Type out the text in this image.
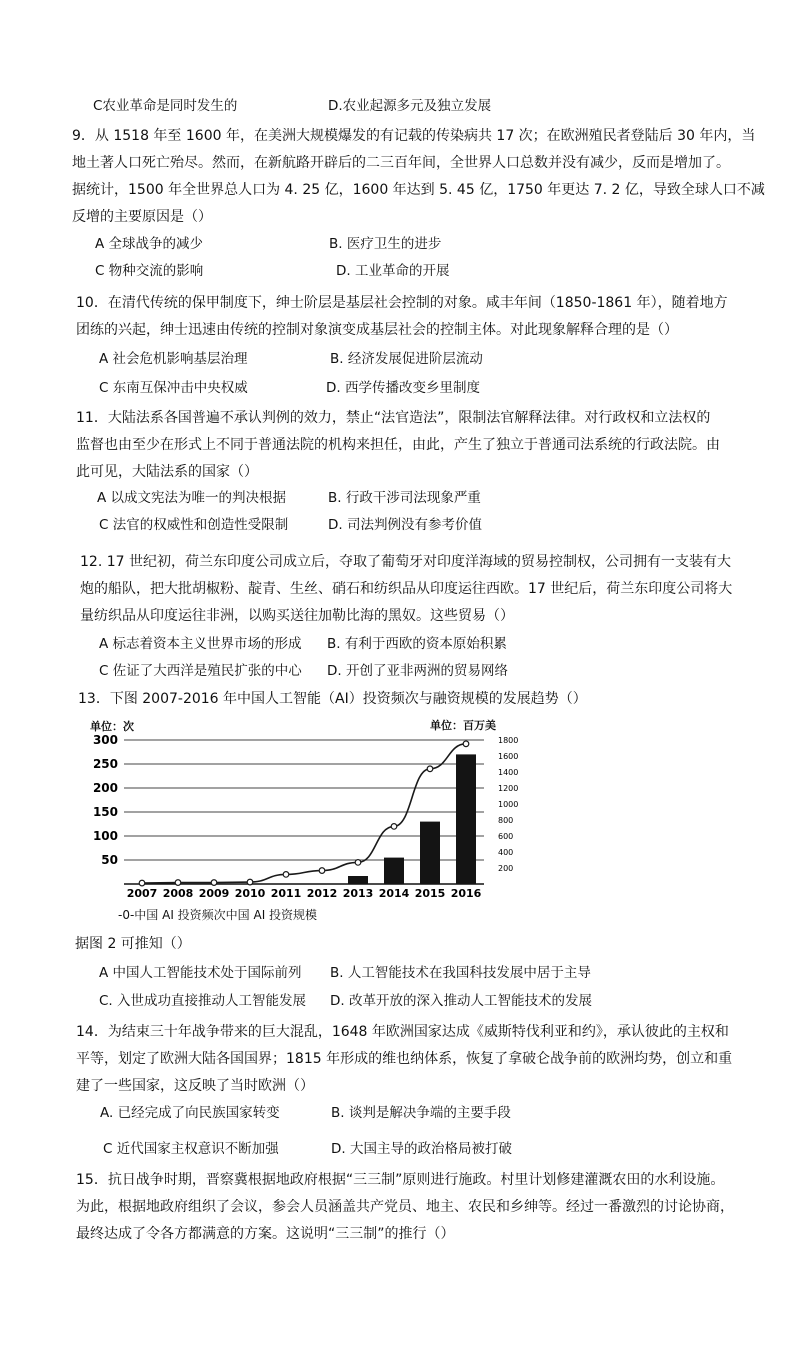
C农业革命是同时发生的	D.农业起源多元及独立发展
9．从 1518 年至 1600 年，在美洲大规模爆发的有记载的传染病共 17 次；在欧洲殖民者登陆后 30 年内，当
地土著人口死亡殆尽。然而，在新航路开辟后的二三百年间，全世界人口总数并没有减少，反而是增加了。
据统计，1500 年全世界总人口为 4. 25 亿，1600 年达到 5. 45 亿，1750 年更达 7. 2 亿，导致全球人口不减
反增的主要原因是（）
A 全球战争的减少	B. 医疗卫生的进步
C 物种交流的影响	D. 工业革命的开展
10．在清代传统的保甲制度下，绅士阶层是基层社会控制的对象。咸丰年间（1850-1861 年），随着地方
团练的兴起，绅士迅速由传统的控制对象演变成基层社会的控制主体。对此现象解释合理的是（）
A 社会危机影响基层治理	B. 经济发展促进阶层流动
C 东南互保冲击中央权威	D. 西学传播改变乡里制度
11．大陆法系各国普遍不承认判例的效力，禁止“法官造法”，限制法官解释法律。对行政权和立法权的
监督也由至少在形式上不同于普通法院的机构来担任，由此，产生了独立于普通司法系统的行政法院。由
此可见，大陆法系的国家（）
A 以成文宪法为唯一的判决根据	B. 行政干涉司法现象严重
C 法官的权威性和创造性受限制	D. 司法判例没有参考价值
12. 17 世纪初，荷兰东印度公司成立后，夺取了葡萄牙对印度洋海域的贸易控制权，公司拥有一支装有大
炮的船队，把大批胡椒粉、靛青、生丝、硝石和纺织品从印度运往西欧。17 世纪后，荷兰东印度公司将大
量纺织品从印度运往非洲，以购买送往加勒比海的黑奴。这些贸易（）
A 标志着资本主义世界市场的形成 B. 有利于西欧的资本原始积累
C 佐证了大西洋是殖民扩张的中心 D. 开创了亚非两洲的贸易网络
13．下图 2007-2016 年中国人工智能（AI）投资频次与融资规模的发展趋势（）
单位：次	单位：百万美
300
250
200
150
100
50
1800
1600
1400
1200
1000
800
600
400
200
2007 2008 2009 2010 2011 2012 2013 2014 2015 2016
-0-中国 AI 投资频次中国 AI 投资规模
据图 2 可推知（）
A 中国人工智能技术处于国际前列 B. 人工智能技术在我国科技发展中居于主导
C. 入世成功直接推动人工智能发展 D. 改革开放的深入推动人工智能技术的发展
14．为结束三十年战争带来的巨大混乱，1648 年欧洲国家达成《威斯特伐利亚和约》，承认彼此的主权和
平等，划定了欧洲大陆各国国界；1815 年形成的维也纳体系，恢复了拿破仑战争前的欧洲均势，创立和重
建了一些国家，这反映了当时欧洲（）
A. 已经完成了向民族国家转变	B. 谈判是解决争端的主要手段
C 近代国家主权意识不断加强	D. 大国主导的政治格局被打破
15．抗日战争时期，晋察冀根据地政府根据“三三制”原则进行施政。村里计划修建灌溉农田的水利设施。
为此，根据地政府组织了会议，参会人员涵盖共产党员、地主、农民和乡绅等。经过一番激烈的讨论协商，
最终达成了令各方都满意的方案。这说明“三三制”的推行（）
